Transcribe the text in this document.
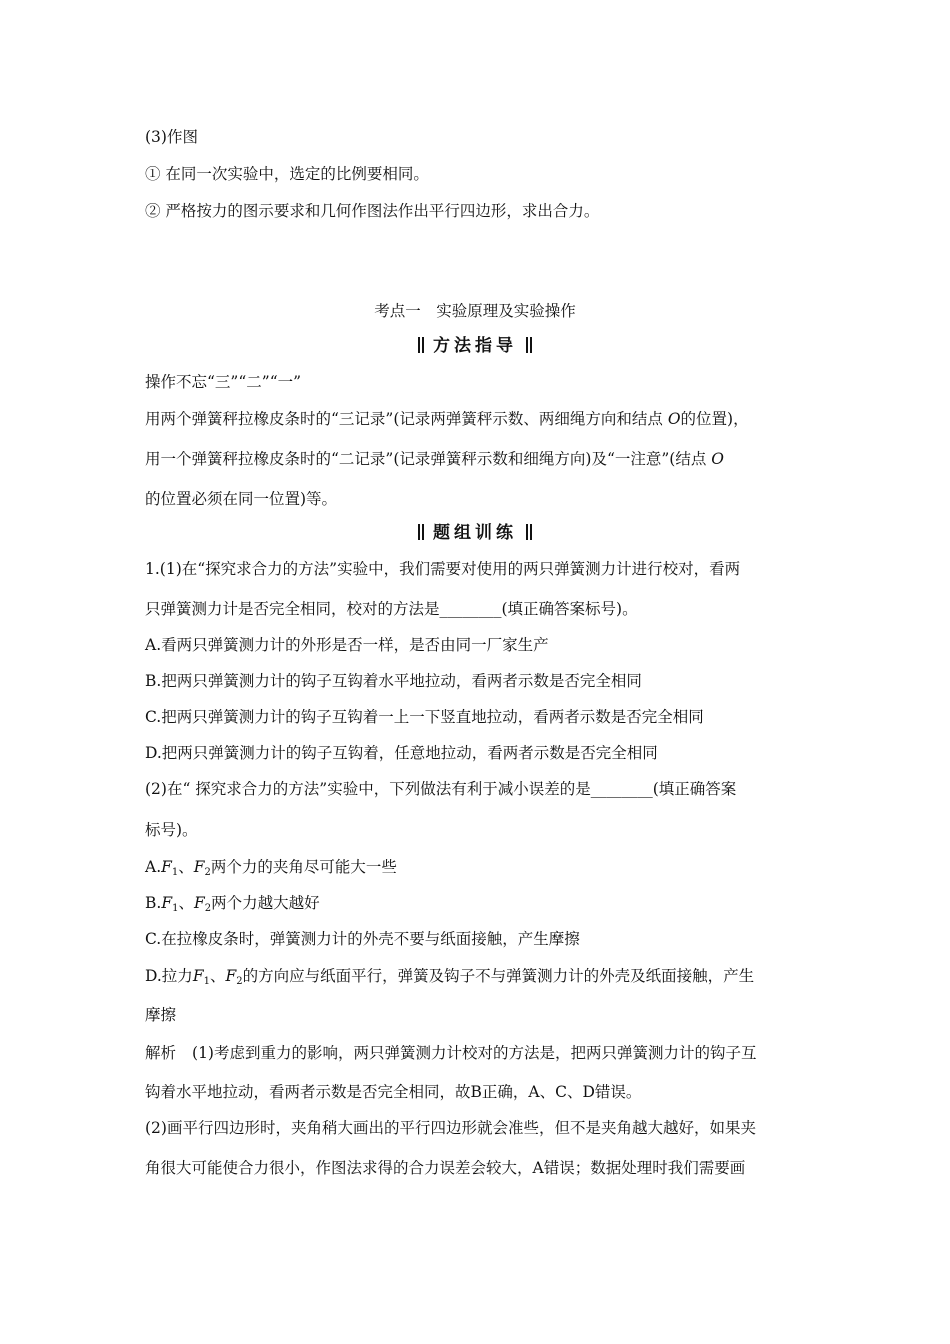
(3)作图
① 在同一次实验中，选定的比例要相同。
② 严格按力的图示要求和几何作图法作出平行四边形，求出合力。
考点一　实验原理及实验操作
方法指导
操作不忘“三”“二”“一”
用两个弹簧秤拉橡皮条时的“三记录”(记录两弹簧秤示数、两细绳方向和结点 O的位置)，
用一个弹簧秤拉橡皮条时的“二记录”(记录弹簧秤示数和细绳方向)及“一注意”(结点 O
的位置必须在同一位置)等。
题组训练
1.(1)在“探究求合力的方法”实验中，我们需要对使用的两只弹簧测力计进行校对，看两
只弹簧测力计是否完全相同，校对的方法是________(填正确答案标号)。
A.看两只弹簧测力计的外形是否一样，是否由同一厂家生产
B.把两只弹簧测力计的钩子互钩着水平地拉动，看两者示数是否完全相同
C.把两只弹簧测力计的钩子互钩着一上一下竖直地拉动，看两者示数是否完全相同
D.把两只弹簧测力计的钩子互钩着，任意地拉动，看两者示数是否完全相同
(2)在“ 探究求合力的方法”实验中，下列做法有利于减小误差的是________(填正确答案
标号)。
$A.F_1$、$F_2$两个力的夹角尽可能大一些
$B.F_1$、$F_2$两个力越大越好
C.在拉橡皮条时，弹簧测力计的外壳不要与纸面接触，产生摩擦
D.拉力$F_1$、$F_2$的方向应与纸面平行，弹簧及钩子不与弹簧测力计的外壳及纸面接触，产生
摩擦
解析 (1)考虑到重力的影响，两只弹簧测力计校对的方法是，把两只弹簧测力计的钩子互
钩着水平地拉动，看两者示数是否完全相同，故B正确，A、C、D错误。
(2)画平行四边形时，夹角稍大画出的平行四边形就会准些，但不是夹角越大越好，如果夹
角很大可能使合力很小，作图法求得的合力误差会较大，A错误；数据处理时我们需要画
